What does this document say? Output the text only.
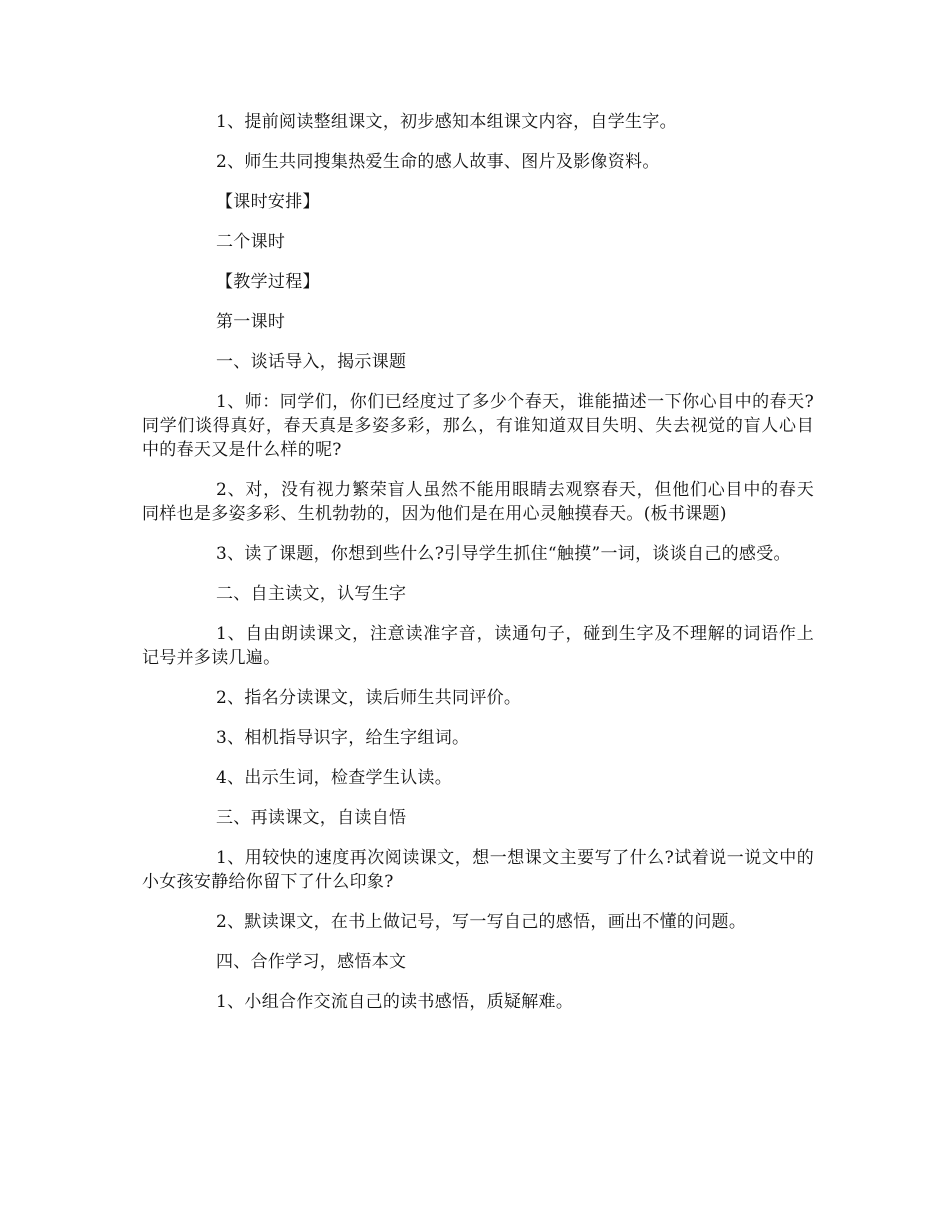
1、提前阅读整组课文，初步感知本组课文内容，自学生字。

2、师生共同搜集热爱生命的感人故事、图片及影像资料。

【课时安排】

二个课时

【教学过程】

第一课时

一、谈话导入，揭示课题

1、师：同学们，你们已经度过了多少个春天，谁能描述一下你心目中的春天?同学们谈得真好，春天真是多姿多彩，那么，有谁知道双目失明、失去视觉的盲人心目中的春天又是什么样的呢?

2、对，没有视力繁荣盲人虽然不能用眼睛去观察春天，但他们心目中的春天同样也是多姿多彩、生机勃勃的，因为他们是在用心灵触摸春天。(板书课题)

3、读了课题，你想到些什么?引导学生抓住“触摸”一词，谈谈自己的感受。

二、自主读文，认写生字

1、自由朗读课文，注意读准字音，读通句子，碰到生字及不理解的词语作上记号并多读几遍。

2、指名分读课文，读后师生共同评价。

3、相机指导识字，给生字组词。

4、出示生词，检查学生认读。

三、再读课文，自读自悟

1、用较快的速度再次阅读课文，想一想课文主要写了什么?试着说一说文中的小女孩安静给你留下了什么印象?

2、默读课文，在书上做记号，写一写自己的感悟，画出不懂的问题。

四、合作学习，感悟本文

1、小组合作交流自己的读书感悟，质疑解难。
